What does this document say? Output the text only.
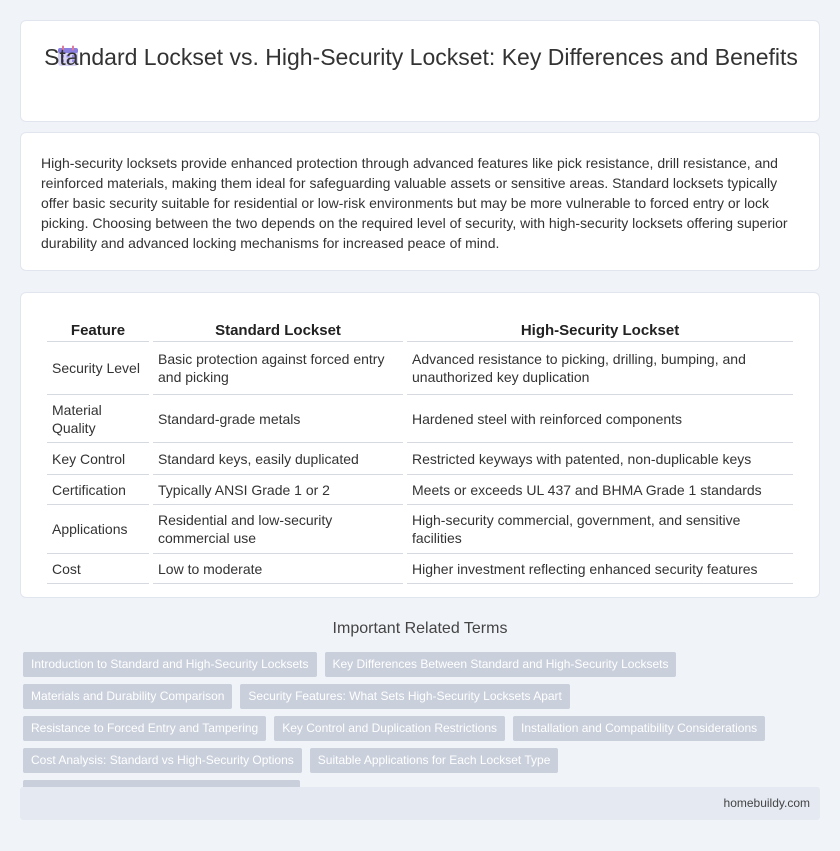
Standard Lockset vs. High-Security Lockset: Key Differences and Benefits

High-security locksets provide enhanced protection through advanced features like pick resistance, drill resistance, and reinforced materials, making them ideal for safeguarding valuable assets or sensitive areas. Standard locksets typically offer basic security suitable for residential or low-risk environments but may be more vulnerable to forced entry or lock picking. Choosing between the two depends on the required level of security, with high-security locksets offering superior durability and advanced locking mechanisms for increased peace of mind.

Feature	Standard Lockset	High-Security Lockset
Security Level	Basic protection against forced entry and picking	Advanced resistance to picking, drilling, bumping, and unauthorized key duplication
Material Quality	Standard-grade metals	Hardened steel with reinforced components
Key Control	Standard keys, easily duplicated	Restricted keyways with patented, non-duplicable keys
Certification	Typically ANSI Grade 1 or 2	Meets or exceeds UL 437 and BHMA Grade 1 standards
Applications	Residential and low-security commercial use	High-security commercial, government, and sensitive facilities
Cost	Low to moderate	Higher investment reflecting enhanced security features
Important Related Terms
Introduction to Standard and High-Security Locksets	Key Differences Between Standard and High-Security Locksets
Materials and Durability Comparison	Security Features: What Sets High-Security Locksets Apart
Resistance to Forced Entry and Tampering	Key Control and Duplication Restrictions	Installation and Compatibility Considerations
Cost Analysis: Standard vs High-Security Options	Suitable Applications for Each Lockset Type
homebuildy.com
